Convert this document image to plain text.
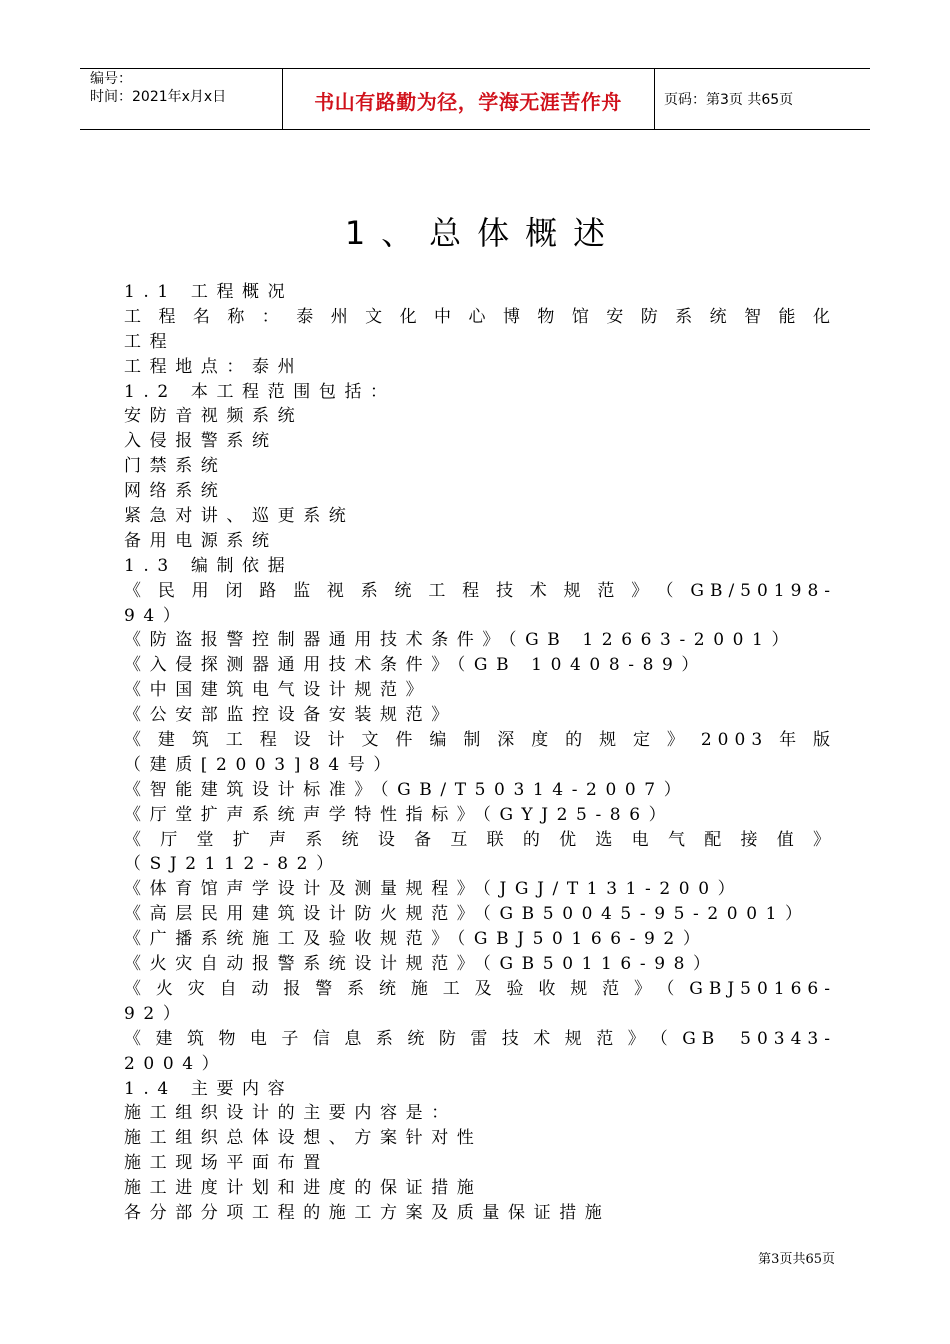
编号：
时间：2021年x月x日	书山有路勤为径，学海无涯苦作舟	页码：第3页 共65页
1、总体概述
1.1 工程概况
工程名称：泰州文化中心博物馆安防系统智能化
工程
工程地点：泰州
1.2 本工程范围包括：
安防音视频系统
入侵报警系统
门禁系统
网络系统
紧急对讲、巡更系统
备用电源系统
1.3 编制依据
《民用闭路监视系统工程技术规范》（GB/50198-
94）
《防盗报警控制器通用技术条件》（GB 12663-2001）
《入侵探测器通用技术条件》（GB 10408-89）
《中国建筑电气设计规范》
《公安部监控设备安装规范》
《建筑工程设计文件编制深度的规定》2003年版
（建质[2003]84号）
《智能建筑设计标准》（GB/T50314-2007）
《厅堂扩声系统声学特性指标》（GYJ25-86）
《厅堂扩声系统设备互联的优选电气配接值》
（SJ2112-82）
《体育馆声学设计及测量规程》（JGJ/T131-200）
《高层民用建筑设计防火规范》（GB50045-95-2001）
《广播系统施工及验收规范》（GBJ50166-92）
《火灾自动报警系统设计规范》（GB50116-98）
《火灾自动报警系统施工及验收规范》（GBJ50166-
92）
《建筑物电子信息系统防雷技术规范》（GB 50343-
2004）
1.4 主要内容
施工组织设计的主要内容是：
施工组织总体设想、方案针对性
施工现场平面布置
施工进度计划和进度的保证措施
各分部分项工程的施工方案及质量保证措施
第3页共65页
